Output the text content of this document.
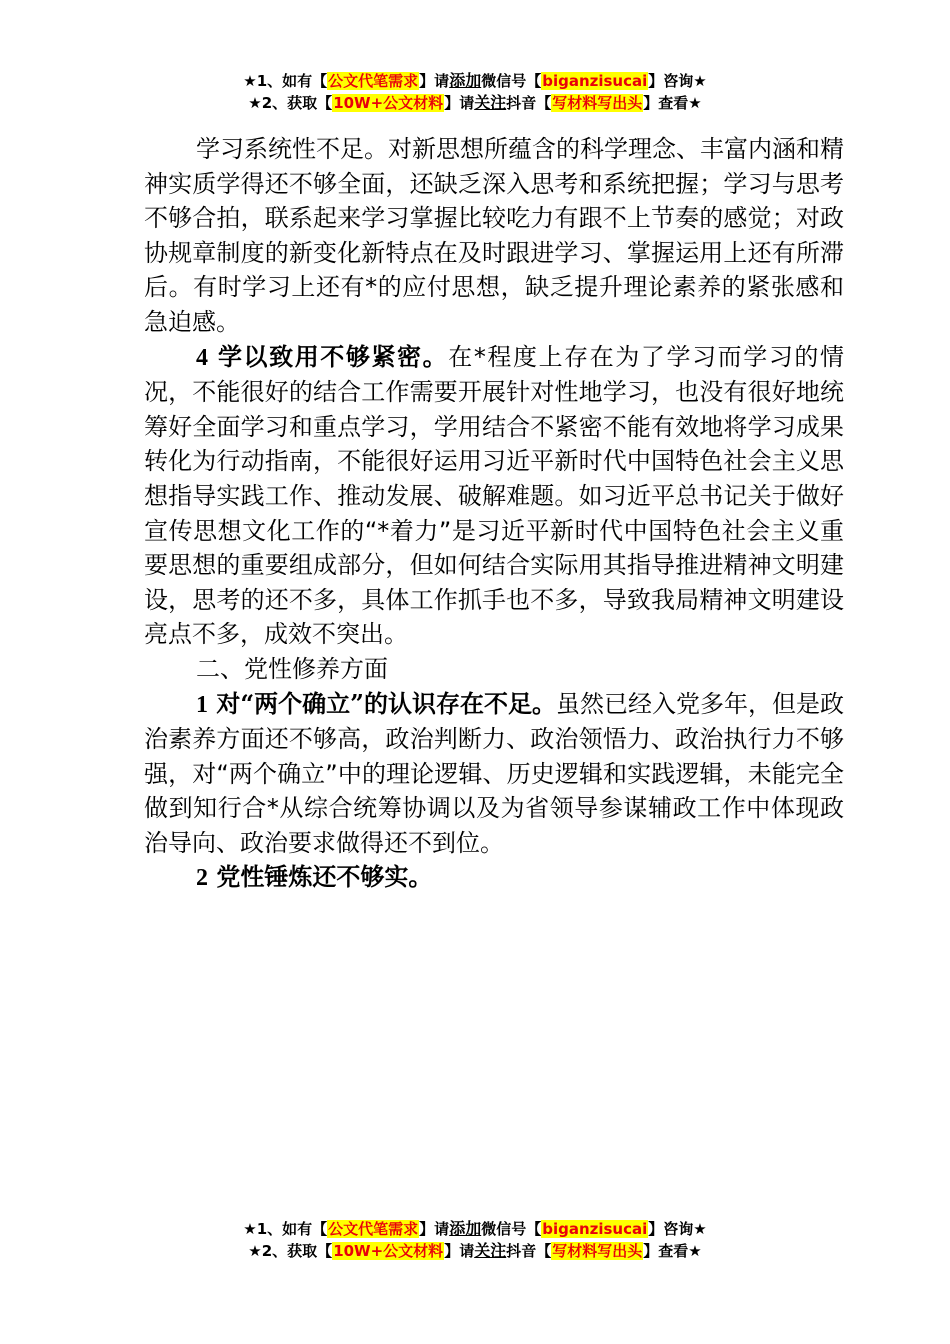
★1、如有【公文代笔需求】请添加微信号【biganzisucai】咨询★
★2、获取【10W+公文材料】请关注抖音【写材料写出头】查看★

学习系统性不足。对新思想所蕴含的科学理念、丰富内涵和精神实质学得还不够全面，还缺乏深入思考和系统把握；学习与思考不够合拍，联系起来学习掌握比较吃力有跟不上节奏的感觉；对政协规章制度的新变化新特点在及时跟进学习、掌握运用上还有所滞后。有时学习上还有*的应付思想，缺乏提升理论素养的紧张感和急迫感。

4 学以致用不够紧密。在*程度上存在为了学习而学习的情况，不能很好的结合工作需要开展针对性地学习，也没有很好地统筹好全面学习和重点学习，学用结合不紧密不能有效地将学习成果转化为行动指南，不能很好运用习近平新时代中国特色社会主义思想指导实践工作、推动发展、破解难题。如习近平总书记关于做好宣传思想文化工作的“*着力”是习近平新时代中国特色社会主义重要思想的重要组成部分，但如何结合实际用其指导推进精神文明建设，思考的还不多，具体工作抓手也不多，导致我局精神文明建设亮点不多，成效不突出。

二、党性修养方面

1 对“两个确立”的认识存在不足。虽然已经入党多年，但是政治素养方面还不够高，政治判断力、政治领悟力、政治执行力不够强，对“两个确立”中的理论逻辑、历史逻辑和实践逻辑，未能完全做到知行合*从综合统筹协调以及为省领导参谋辅政工作中体现政治导向、政治要求做得还不到位。

2 党性锤炼还不够实。

★1、如有【公文代笔需求】请添加微信号【biganzisucai】咨询★
★2、获取【10W+公文材料】请关注抖音【写材料写出头】查看★
